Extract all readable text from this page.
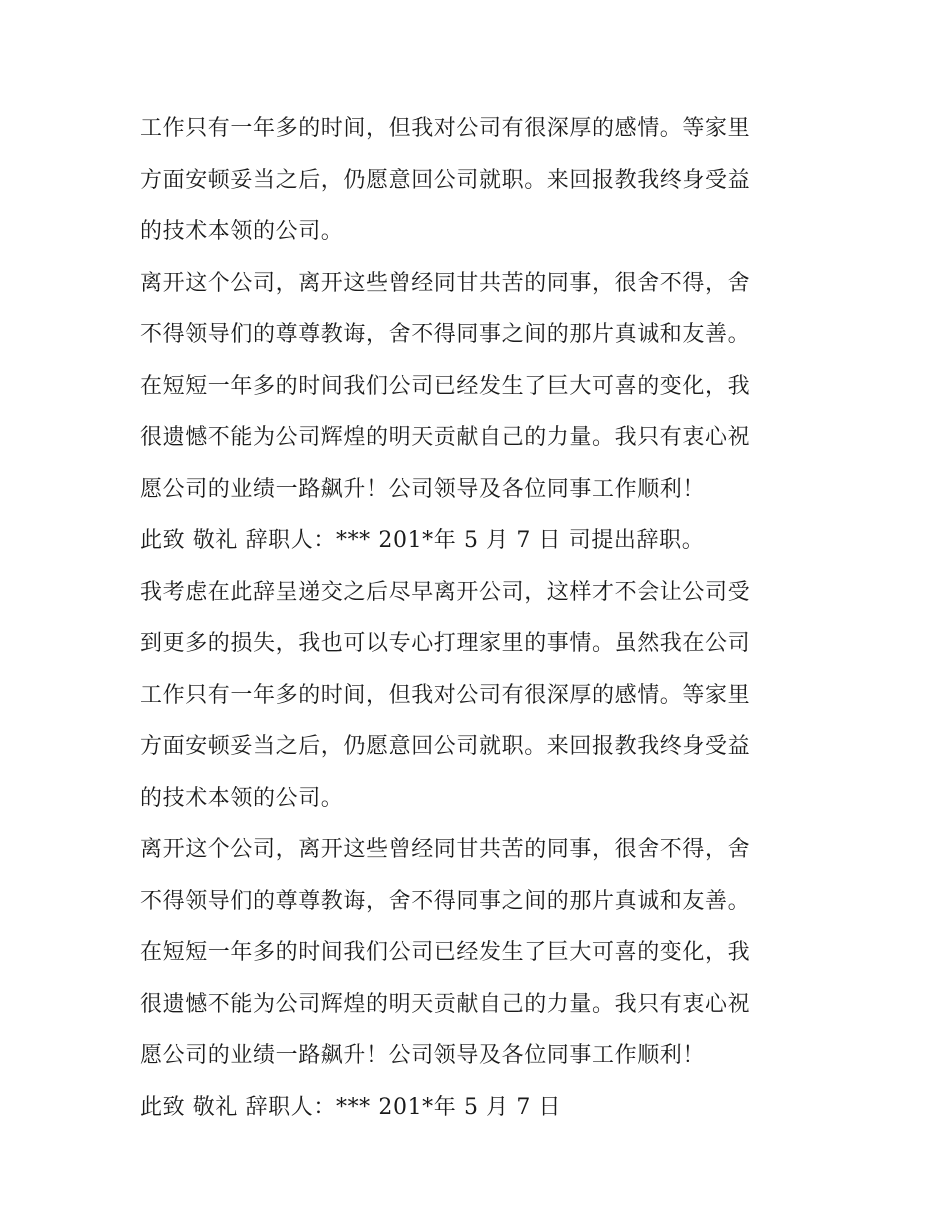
工作只有一年多的时间，但我对公司有很深厚的感情。等家里
方面安顿妥当之后，仍愿意回公司就职。来回报教我终身受益
的技术本领的公司。
离开这个公司，离开这些曾经同甘共苦的同事，很舍不得，舍
不得领导们的尊尊教诲，舍不得同事之间的那片真诚和友善。
在短短一年多的时间我们公司已经发生了巨大可喜的变化，我
很遗憾不能为公司辉煌的明天贡献自己的力量。我只有衷心祝
愿公司的业绩一路飙升！公司领导及各位同事工作顺利！
此致 敬礼 辞职人：*** 201*年 5 月 7 日 司提出辞职。
我考虑在此辞呈递交之后尽早离开公司，这样才不会让公司受
到更多的损失，我也可以专心打理家里的事情。虽然我在公司
工作只有一年多的时间，但我对公司有很深厚的感情。等家里
方面安顿妥当之后，仍愿意回公司就职。来回报教我终身受益
的技术本领的公司。
离开这个公司，离开这些曾经同甘共苦的同事，很舍不得，舍
不得领导们的尊尊教诲，舍不得同事之间的那片真诚和友善。
在短短一年多的时间我们公司已经发生了巨大可喜的变化，我
很遗憾不能为公司辉煌的明天贡献自己的力量。我只有衷心祝
愿公司的业绩一路飙升！公司领导及各位同事工作顺利！
此致 敬礼 辞职人：*** 201*年 5 月 7 日
